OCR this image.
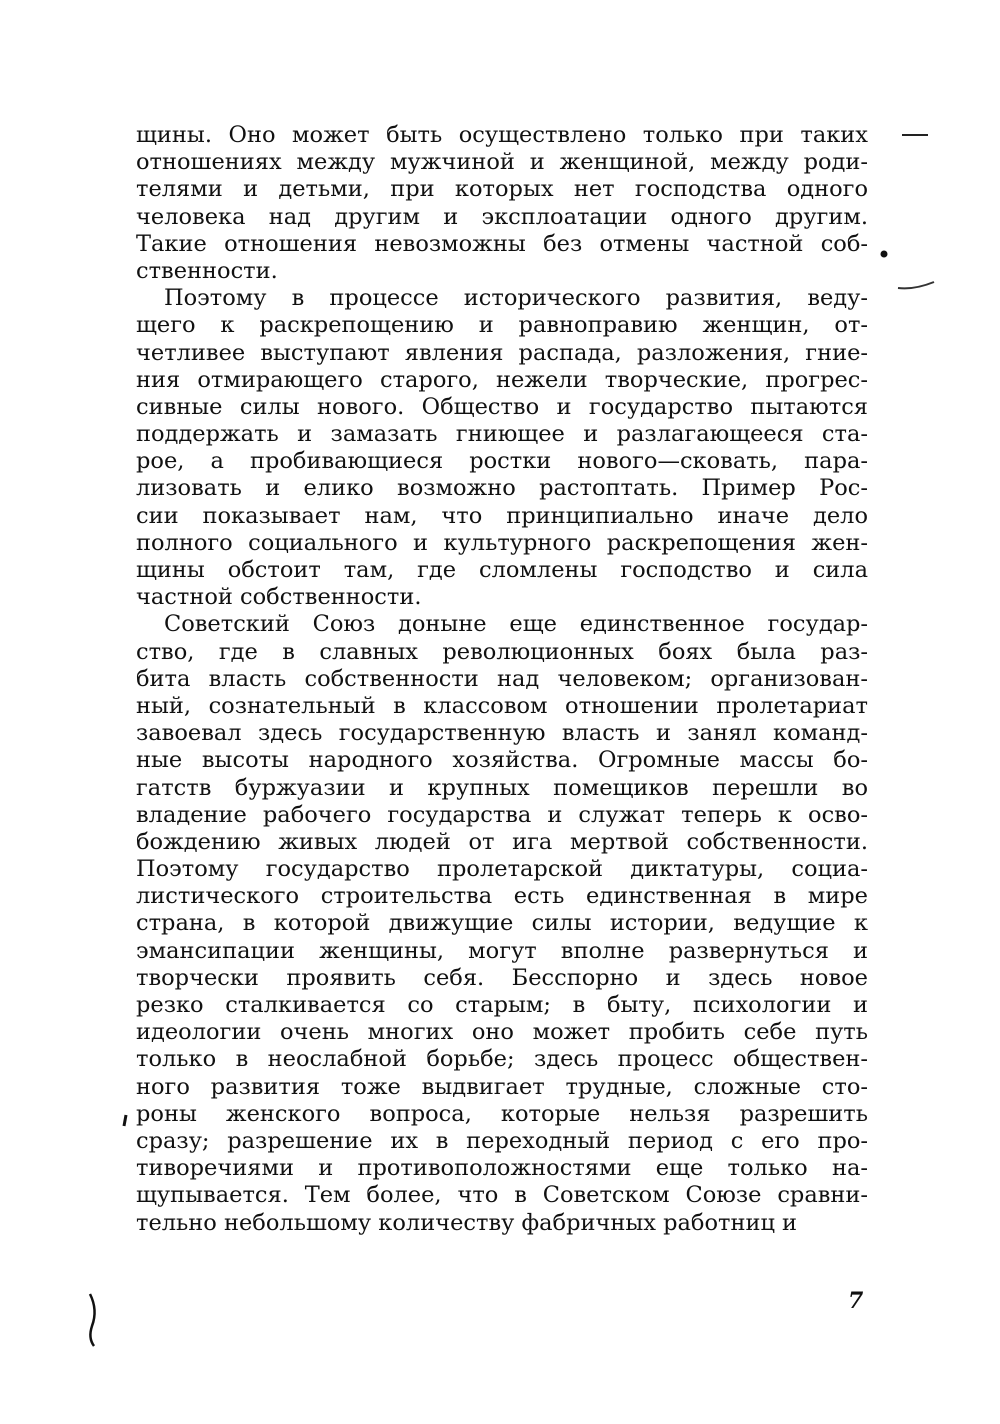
щины. Оно может быть осуществлено только при таких
отношениях между мужчиной и женщиной, между роди-
телями и детьми, при которых нет господства одного
человека над другим и эксплоатации одного другим.
Такие отношения невозможны без отмены частной соб-
ственности.
Поэтому в процессе исторического развития, веду-
щего к раскрепощению и равноправию женщин, от-
четливее выступают явления распада, разложения, гние-
ния отмирающего старого, нежели творческие, прогрес-
сивные силы нового. Общество и государство пытаются
поддержать и замазать гниющее и разлагающееся ста-
рое, а пробивающиеся ростки нового—сковать, пара-
лизовать и елико возможно растоптать. Пример Рос-
сии показывает нам, что принципиально иначе дело
полного социального и культурного раскрепощения жен-
щины обстоит там, где сломлены господство и сила
частной собственности.
Советский Союз доныне еще единственное государ-
ство, где в славных революционных боях была раз-
бита власть собственности над человеком; организован-
ный, сознательный в классовом отношении пролетариат
завоевал здесь государственную власть и занял команд-
ные высоты народного хозяйства. Огромные массы бо-
гатств буржуазии и крупных помещиков перешли во
владение рабочего государства и служат теперь к осво-
бождению живых людей от ига мертвой собственности.
Поэтому государство пролетарской диктатуры, социа-
листического строительства есть единственная в мире
страна, в которой движущие силы истории, ведущие к
эмансипации женщины, могут вполне развернуться и
творчески проявить себя. Бесспорно и здесь новое
резко сталкивается со старым; в быту, психологии и
идеологии очень многих оно может пробить себе путь
только в неослабной борьбе; здесь процесс обществен-
ного развития тоже выдвигает трудные, сложные сто-
роны женского вопроса, которые нельзя разрешить
сразу; разрешение их в переходный период с его про-
тиворечиями и противоположностями еще только на-
щупывается. Тем более, что в Советском Союзе сравни-
тельно небольшому количеству фабричных работниц и
7
